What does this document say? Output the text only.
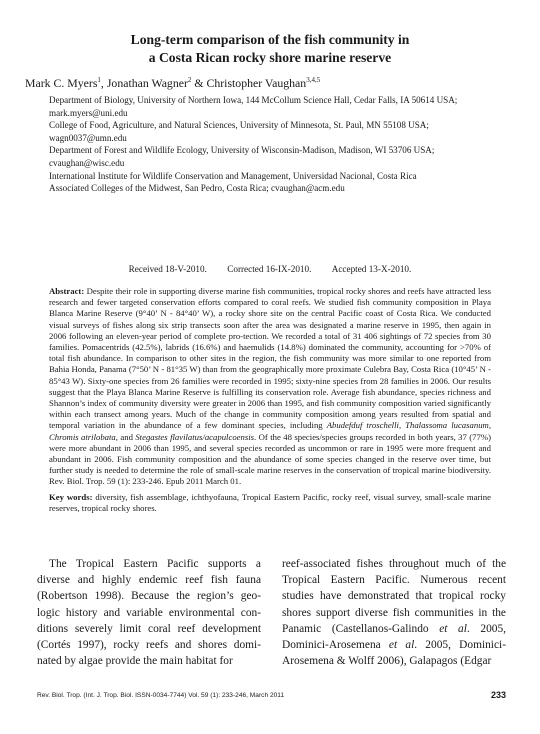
Long-term comparison of the fish community in
a Costa Rican rocky shore marine reserve
Mark C. Myers$^1$, Jonathan Wagner$^2$ & Christopher Vaughan$^{3,4,5}$
Department of Biology, University of Northern Iowa, 144 McCollum Science Hall, Cedar Falls, IA 50614 USA;
mark.myers@uni.edu
College of Food, Agriculture, and Natural Sciences, University of Minnesota, St. Paul, MN 55108 USA;
wagn0037@umn.edu
Department of Forest and Wildlife Ecology, University of Wisconsin-Madison, Madison, WI 53706 USA;
cvaughan@wisc.edu
International Institute for Wildlife Conservation and Management, Universidad Nacional, Costa Rica
Associated Colleges of the Midwest, San Pedro, Costa Rica; cvaughan@acm.edu
Received 18-V-2010. Corrected 16-IX-2010. Accepted 13-X-2010.
Abstract: Despite their role in supporting diverse marine fish communities, tropical rocky shores and reefs have attracted less research and fewer targeted conservation efforts compared to coral reefs. We studied fish community composition in Playa Blanca Marine Reserve (9°40’ N - 84°40’ W), a rocky shore site on the central Pacific coast of Costa Rica. We conducted visual surveys of fishes along six strip transects soon after the area was designated a marine reserve in 1995, then again in 2006 following an eleven-year period of complete pro-tection. We recorded a total of 31 406 sightings of 72 species from 30 families. Pomacentrids (42.5%), labrids (16.6%) and haemulids (14.8%) dominated the community, accounting for >70% of total fish abundance. In comparison to other sites in the region, the fish community was more similar to one reported from Bahia Honda, Panama (7°50’ N - 81°35 W) than from the geographically more proximate Culebra Bay, Costa Rica (10°45’ N - 85°43 W). Sixty-one species from 26 families were recorded in 1995; sixty-nine species from 28 families in 2006. Our results suggest that the Playa Blanca Marine Reserve is fulfilling its conservation role. Average fish abundance, species richness and Shannon’s index of community diversity were greater in 2006 than 1995, and fish community composition varied significantly within each transect among years. Much of the change in community composition among years resulted from spatial and temporal variation in the abundance of a few dominant species, including Abudefduf troschelli, Thalassoma lucasanum, Chromis atrilobata, and Stegastes flavilatus/acapulcoensis. Of the 48 species/species groups recorded in both years, 37 (77%) were more abundant in 2006 than 1995, and several species recorded as uncommon or rare in 1995 were more frequent and abundant in 2006. Fish community composition and the abundance of some species changed in the reserve over time, but further study is needed to determine the role of small-scale marine reserves in the conservation of tropical marine biodiversity. Rev. Biol. Trop. 59 (1): 233-246. Epub 2011 March 01.
Key words: diversity, fish assemblage, ichthyofauna, Tropical Eastern Pacific, rocky reef, visual survey, small-scale marine reserves, tropical rocky shores.
The Tropical Eastern Pacific supports a diverse and highly endemic reef fish fauna (Robertson 1998). Because the region’s geo-logic history and variable environmental con-ditions severely limit coral reef development (Cortés 1997), rocky reefs and shores domi-nated by algae provide the main habitat for
reef-associated fishes throughout much of the Tropical Eastern Pacific. Numerous recent studies have demonstrated that tropical rocky shores support diverse fish communities in the Panamic (Castellanos-Galindo et al. 2005, Dominici-Arosemena et al. 2005, Dominici-Arosemena & Wolff 2006), Galapagos (Edgar
Rev. Biol. Trop. (Int. J. Trop. Biol. ISSN-0034-7744) Vol. 59 (1): 233-246, March 2011	233
